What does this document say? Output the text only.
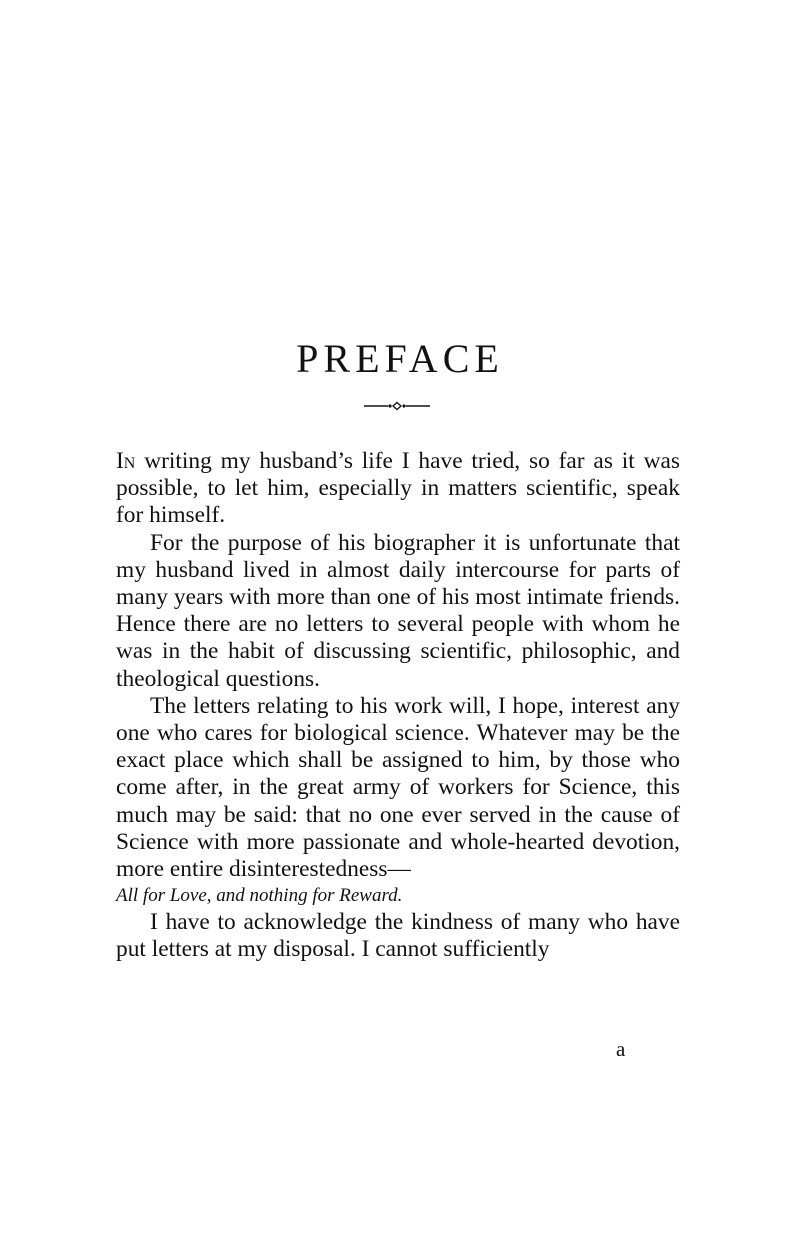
PREFACE

In writing my husband’s life I have tried, so far as it was possible, to let him, especially in matters scientific, speak for himself.

For the purpose of his biographer it is unfortunate that my husband lived in almost daily intercourse for parts of many years with more than one of his most intimate friends. Hence there are no letters to several people with whom he was in the habit of discussing scientific, philosophic, and theological questions.

The letters relating to his work will, I hope, interest any one who cares for biological science. Whatever may be the exact place which shall be assigned to him, by those who come after, in the great army of workers for Science, this much may be said: that no one ever served in the cause of Science with more passionate and whole-hearted devotion, more entire disinterestedness—

All for Love, and nothing for Reward.

I have to acknowledge the kindness of many who have put letters at my disposal. I cannot sufficiently

a
